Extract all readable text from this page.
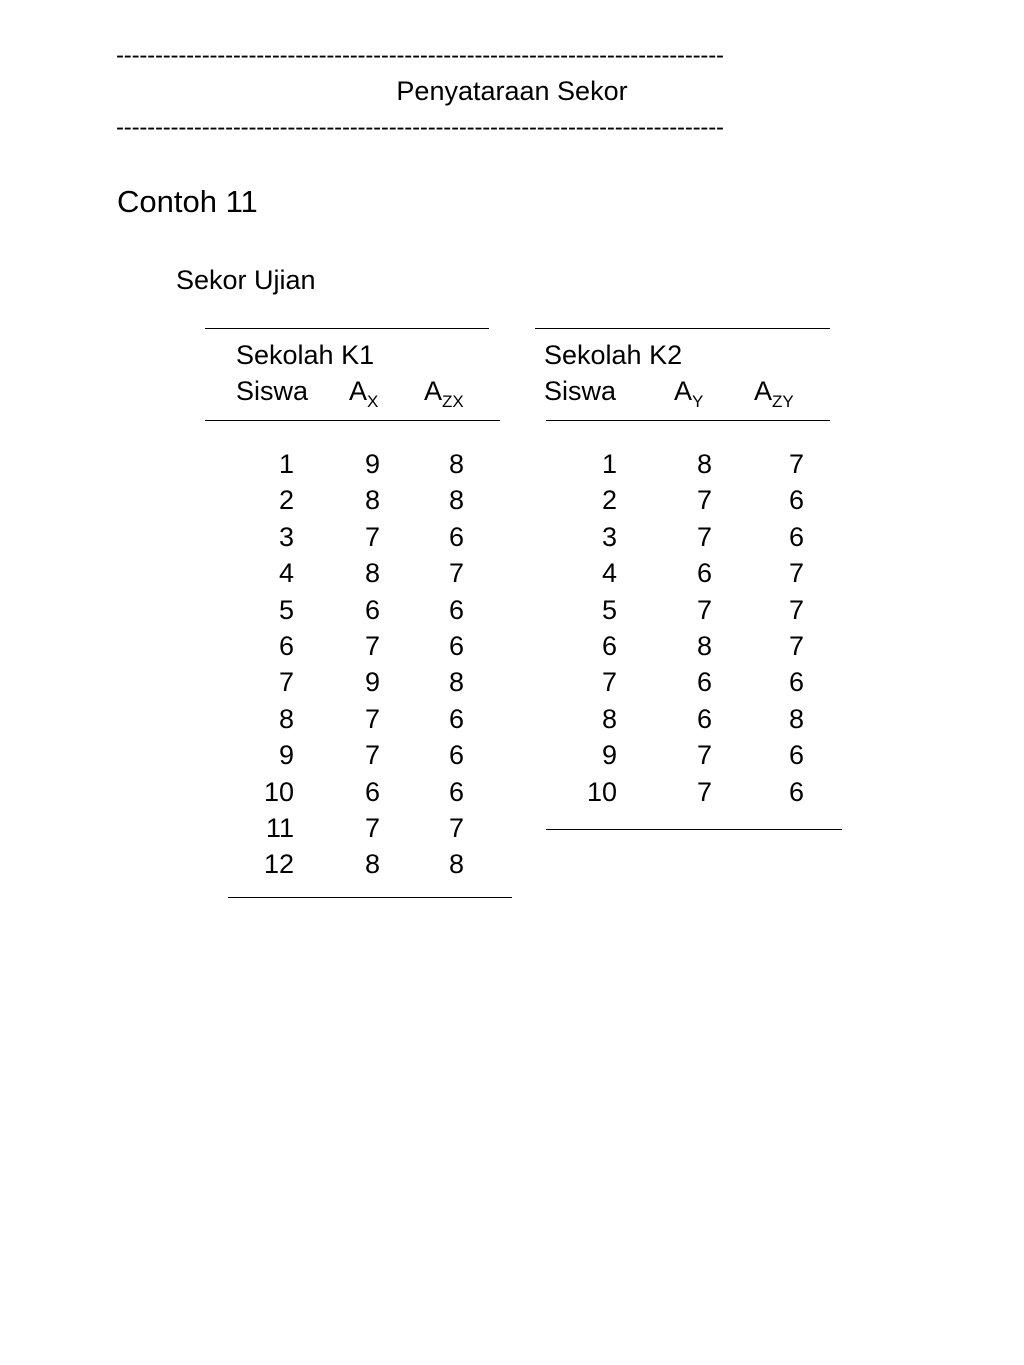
------------------------------------------------------------------------------
Penyataraan Sekor
------------------------------------------------------------------------------
Contoh 11
Sekor Ujian
Sekolah K1
Siswa $A_X$ $A_{ZX}$
1
2
3
4
5
6
7
8
9
10
11
12
9
8
7
8
6
7
9
7
7
6
7
8
8
8
6
7
6
6
8
6
6
6
7
8
Sekolah K2
Siswa $A_Y$ $A_{ZY}$
1
2
3
4
5
6
7
8
9
10
8
7
7
6
7
8
6
6
7
7
7
6
6
7
7
7
6
8
6
6
